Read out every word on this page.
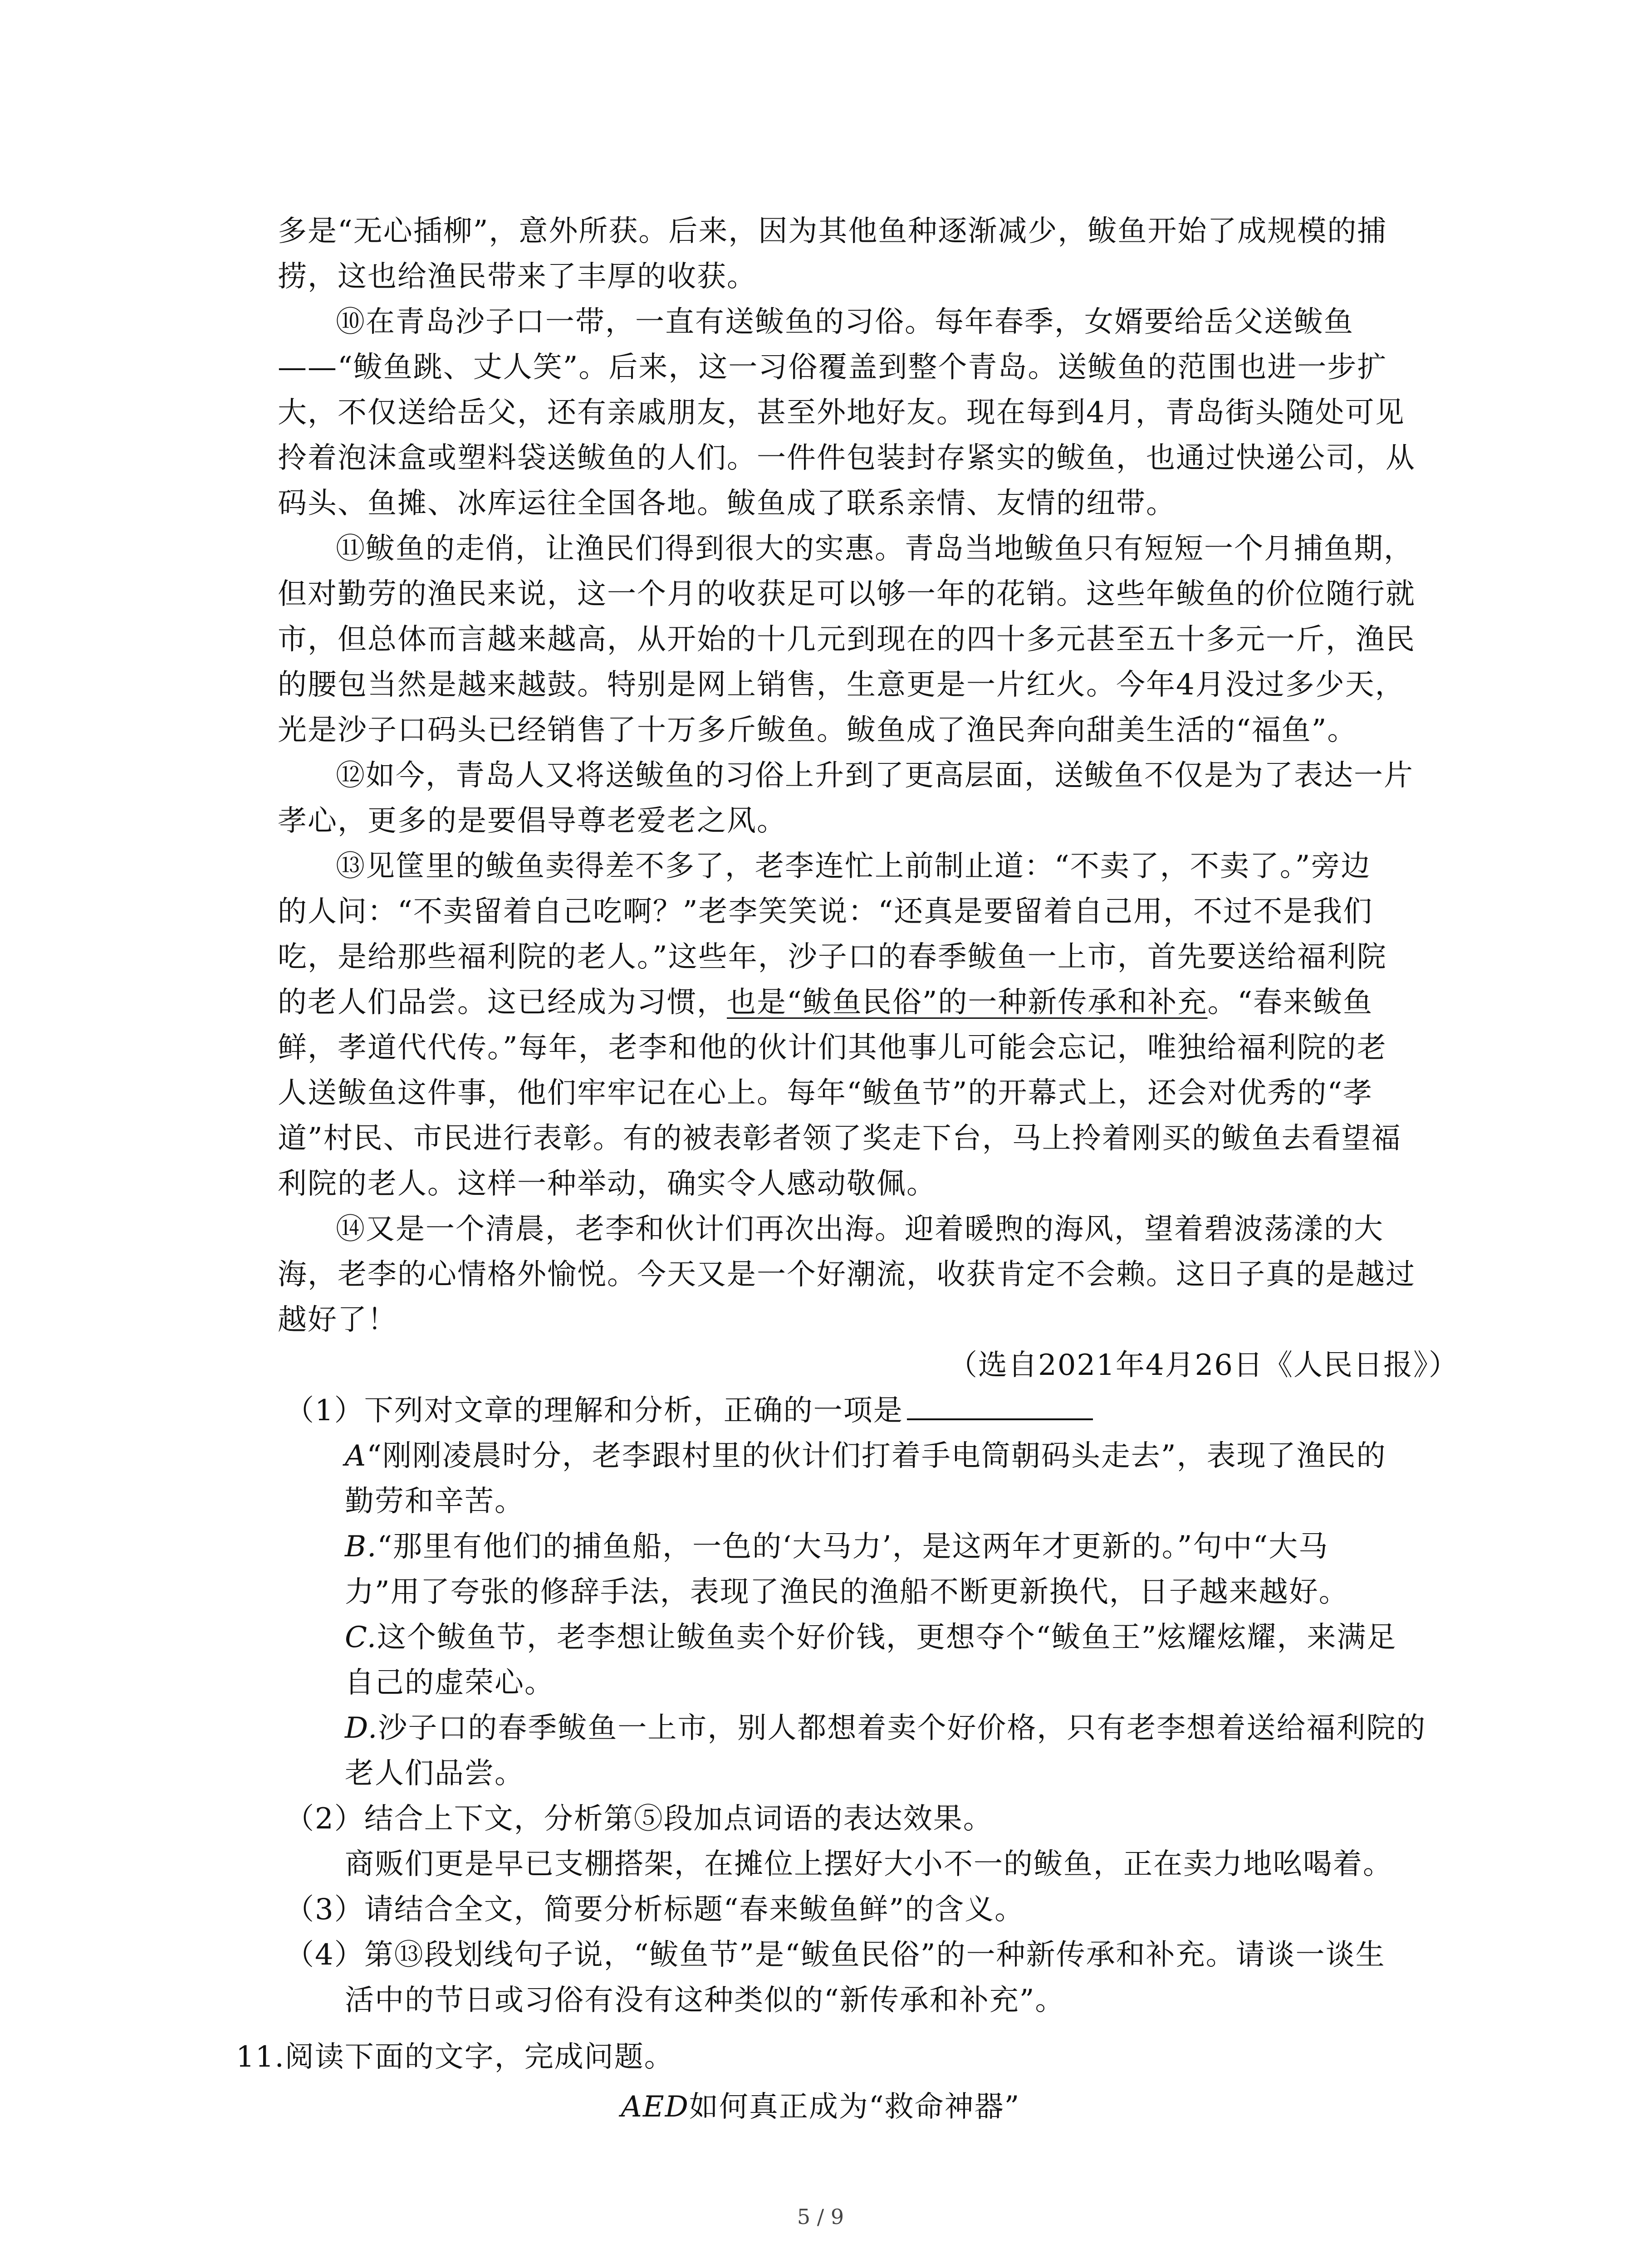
多是“无心插柳”，意外所获。后来，因为其他鱼种逐渐减少，鲅鱼开始了成规模的捕
捞，这也给渔民带来了丰厚的收获。
⑩在青岛沙子口一带，一直有送鲅鱼的习俗。每年春季，女婿要给岳父送鲅鱼
——“鲅鱼跳、丈人笑”。后来，这一习俗覆盖到整个青岛。送鲅鱼的范围也进一步扩
大，不仅送给岳父，还有亲戚朋友，甚至外地好友。现在每到4月，青岛街头随处可见
拎着泡沫盒或塑料袋送鲅鱼的人们。一件件包装封存紧实的鲅鱼，也通过快递公司，从
码头、鱼摊、冰库运往全国各地。鲅鱼成了联系亲情、友情的纽带。
⑪鲅鱼的走俏，让渔民们得到很大的实惠。青岛当地鲅鱼只有短短一个月捕鱼期，
但对勤劳的渔民来说，这一个月的收获足可以够一年的花销。这些年鲅鱼的价位随行就
市，但总体而言越来越高，从开始的十几元到现在的四十多元甚至五十多元一斤，渔民
的腰包当然是越来越鼓。特别是网上销售，生意更是一片红火。今年4月没过多少天，
光是沙子口码头已经销售了十万多斤鲅鱼。鲅鱼成了渔民奔向甜美生活的“福鱼”。
⑫如今，青岛人又将送鲅鱼的习俗上升到了更高层面，送鲅鱼不仅是为了表达一片
孝心，更多的是要倡导尊老爱老之风。
⑬见筐里的鲅鱼卖得差不多了，老李连忙上前制止道：“不卖了，不卖了。”旁边
的人问：“不卖留着自己吃啊？”老李笑笑说：“还真是要留着自己用，不过不是我们
吃，是给那些福利院的老人。”这些年，沙子口的春季鲅鱼一上市，首先要送给福利院
的老人们品尝。这已经成为习惯，也是“鲅鱼民俗”的一种新传承和补充。“春来鲅鱼
鲜，孝道代代传。”每年，老李和他的伙计们其他事儿可能会忘记，唯独给福利院的老
人送鲅鱼这件事，他们牢牢记在心上。每年“鲅鱼节”的开幕式上，还会对优秀的“孝
道”村民、市民进行表彰。有的被表彰者领了奖走下台，马上拎着刚买的鲅鱼去看望福
利院的老人。这样一种举动，确实令人感动敬佩。
⑭又是一个清晨，老李和伙计们再次出海。迎着暖煦的海风，望着碧波荡漾的大
海，老李的心情格外愉悦。今天又是一个好潮流，收获肯定不会赖。这日子真的是越过
越好了！
（选自2021年4月26日《人民日报》）
（1）下列对文章的理解和分析，正确的一项是
A“刚刚凌晨时分，老李跟村里的伙计们打着手电筒朝码头走去”，表现了渔民的
勤劳和辛苦。
B.“那里有他们的捕鱼船，一色的‘大马力’，是这两年才更新的。”句中“大马
力”用了夸张的修辞手法，表现了渔民的渔船不断更新换代，日子越来越好。
C.这个鲅鱼节，老李想让鲅鱼卖个好价钱，更想夺个“鲅鱼王”炫耀炫耀，来满足
自己的虚荣心。
D.沙子口的春季鲅鱼一上市，别人都想着卖个好价格，只有老李想着送给福利院的
老人们品尝。
（2）结合上下文，分析第⑤段加点词语的表达效果。
商贩们更是早已支棚搭架，在摊位上摆好大小不一的鲅鱼，正在卖力地吆喝着。
（3）请结合全文，简要分析标题“春来鲅鱼鲜”的含义。
（4）第⑬段划线句子说，“鲅鱼节”是“鲅鱼民俗”的一种新传承和补充。请谈一谈生
活中的节日或习俗有没有这种类似的“新传承和补充”。
11.阅读下面的文字，完成问题。
AED如何真正成为“救命神器”
5 / 9
